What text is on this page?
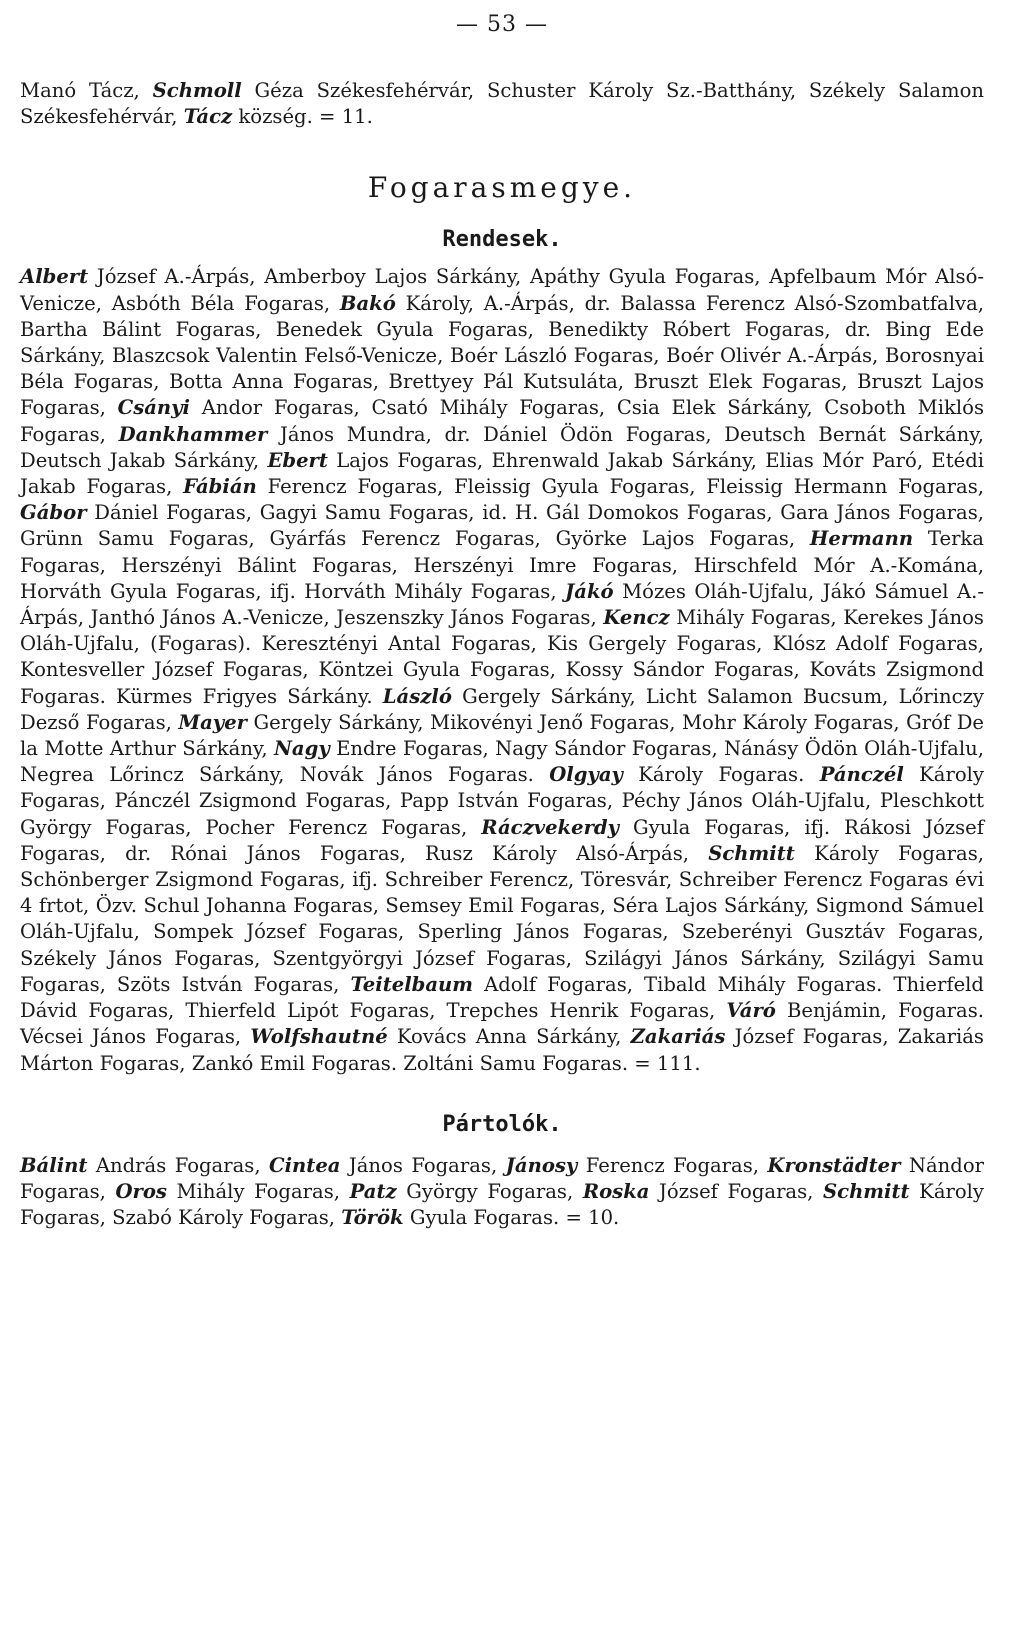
— 53 —

Manó Tácz, Schmoll Géza Székesfehérvár, Schuster Károly Sz.-Batthány, Székely Salamon Székesfehérvár, Tácz község. = 11.

Fogarasmegye.
Rendesek.

Albert József A.-Árpás, Amberboy Lajos Sárkány, Apáthy Gyula Fogaras, Apfelbaum Mór Alsó-Venicze, Asbóth Béla Fogaras, Bakó Károly, A.-Árpás, dr. Balassa Ferencz Alsó-Szombatfalva, Bartha Bálint Fogaras, Benedek Gyula Fogaras, Benedikty Róbert Fogaras, dr. Bing Ede Sárkány, Blaszcsok Valentin Felső-Venicze, Boér László Fogaras, Boér Olivér A.-Árpás, Borosnyai Béla Fogaras, Botta Anna Fogaras, Brettyey Pál Kutsuláta, Bruszt Elek Fogaras, Bruszt Lajos Fogaras, Csányi Andor Fogaras, Csató Mihály Fogaras, Csia Elek Sárkány, Csoboth Miklós Fogaras, Dankhammer János Mundra, dr. Dániel Ödön Fogaras, Deutsch Bernát Sárkány, Deutsch Jakab Sárkány, Ebert Lajos Fogaras, Ehrenwald Jakab Sárkány, Elias Mór Paró, Etédi Jakab Fogaras, Fábián Ferencz Fogaras, Fleissig Gyula Fogaras, Fleissig Hermann Fogaras, Gábor Dániel Fogaras, Gagyi Samu Fogaras, id. H. Gál Domokos Fogaras, Gara János Fogaras, Grünn Samu Fogaras, Gyárfás Ferencz Fogaras, Györke Lajos Fogaras, Hermann Terka Fogaras, Herszényi Bálint Fogaras, Herszényi Imre Fogaras, Hirschfeld Mór A.-Komána, Horváth Gyula Fogaras, ifj. Horváth Mihály Fogaras, Jákó Mózes Oláh-Ujfalu, Jákó Sámuel A.-Árpás, Janthó János A.-Venicze, Jeszenszky János Fogaras, Kencz Mihály Fogaras, Kerekes János Oláh-Ujfalu, (Fogaras). Keresztényi Antal Fogaras, Kis Gergely Fogaras, Klósz Adolf Fogaras, Kontesveller József Fogaras, Köntzei Gyula Fogaras, Kossy Sándor Fogaras, Kováts Zsigmond Fogaras. Kürmes Frigyes Sárkány. László Gergely Sárkány, Licht Salamon Bucsum, Lőrinczy Dezső Fogaras, Mayer Gergely Sárkány, Mikovényi Jenő Fogaras, Mohr Károly Fogaras, Gróf De la Motte Arthur Sárkány, Nagy Endre Fogaras, Nagy Sándor Fogaras, Nánásy Ödön Oláh-Ujfalu, Negrea Lőrincz Sárkány, Novák János Fogaras. Olgyay Károly Fogaras. Pánczél Károly Fogaras, Pánczél Zsigmond Fogaras, Papp István Fogaras, Péchy János Oláh-Ujfalu, Pleschkott György Fogaras, Pocher Ferencz Fogaras, Ráczvekerdy Gyula Fogaras, ifj. Rákosi József Fogaras, dr. Rónai János Fogaras, Rusz Károly Alsó-Árpás, Schmitt Károly Fogaras, Schönberger Zsigmond Fogaras, ifj. Schreiber Ferencz, Töresvár, Schreiber Ferencz Fogaras évi 4 frtot, Özv. Schul Johanna Fogaras, Semsey Emil Fogaras, Séra Lajos Sárkány, Sigmond Sámuel Oláh-Ujfalu, Sompek József Fogaras, Sperling János Fogaras, Szeberényi Gusztáv Fogaras, Székely János Fogaras, Szentgyörgyi József Fogaras, Szilágyi János Sárkány, Szilágyi Samu Fogaras, Szöts István Fogaras, Teitelbaum Adolf Fogaras, Tibald Mihály Fogaras. Thierfeld Dávid Fogaras, Thierfeld Lipót Fogaras, Trepches Henrik Fogaras, Váró Benjámin, Fogaras. Vécsei János Fogaras, Wolfshautné Kovács Anna Sárkány, Zakariás József Fogaras, Zakariás Márton Fogaras, Zankó Emil Fogaras. Zoltáni Samu Fogaras. = 111.

Pártolók.

Bálint András Fogaras, Cintea János Fogaras, Jánosy Ferencz Fogaras, Kronstädter Nándor Fogaras, Oros Mihály Fogaras, Patz György Fogaras, Roska József Fogaras, Schmitt Károly Fogaras, Szabó Károly Fogaras, Török Gyula Fogaras. = 10.
